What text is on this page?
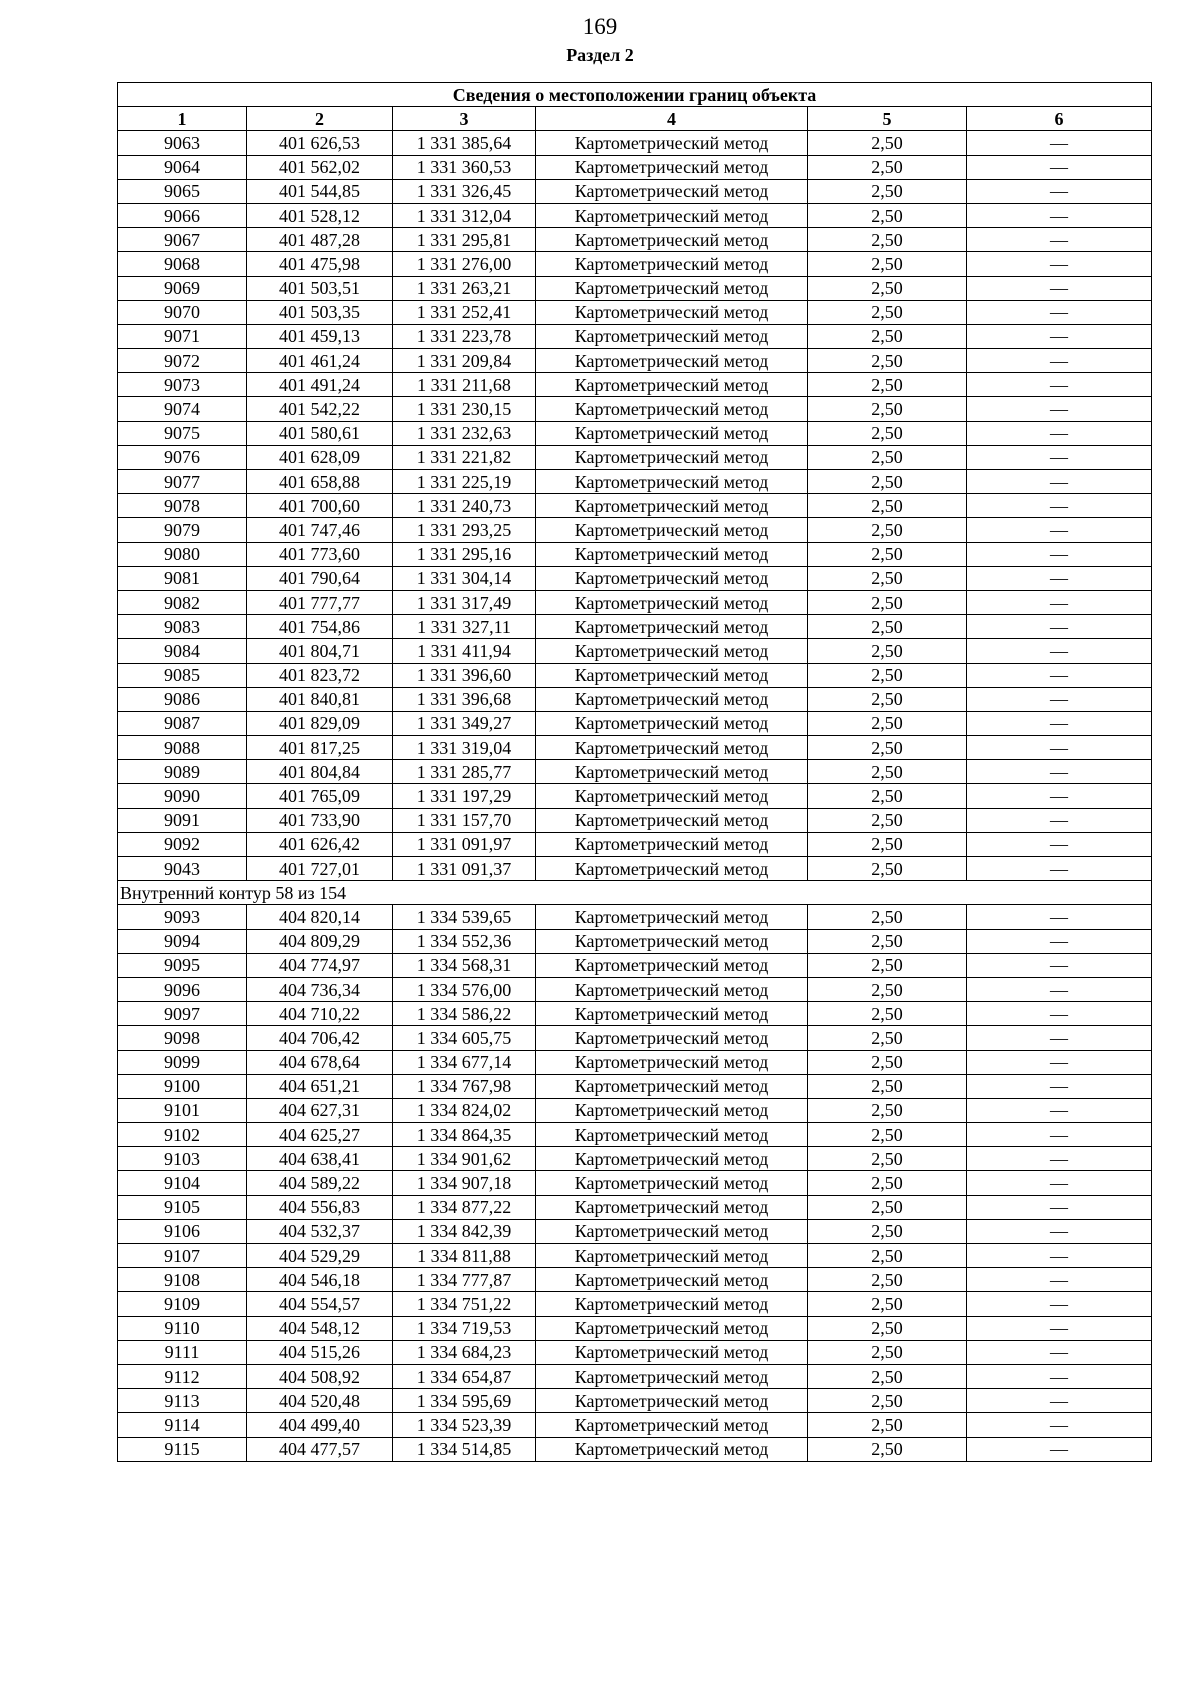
169
Раздел 2
Сведения о местоположении границ объекта					
1	2	3	4	5	6
9063	401 626,53	1 331 385,64	Картометрический метод	2,50	—
9064	401 562,02	1 331 360,53	Картометрический метод	2,50	—
9065	401 544,85	1 331 326,45	Картометрический метод	2,50	—
9066	401 528,12	1 331 312,04	Картометрический метод	2,50	—
9067	401 487,28	1 331 295,81	Картометрический метод	2,50	—
9068	401 475,98	1 331 276,00	Картометрический метод	2,50	—
9069	401 503,51	1 331 263,21	Картометрический метод	2,50	—
9070	401 503,35	1 331 252,41	Картометрический метод	2,50	—
9071	401 459,13	1 331 223,78	Картометрический метод	2,50	—
9072	401 461,24	1 331 209,84	Картометрический метод	2,50	—
9073	401 491,24	1 331 211,68	Картометрический метод	2,50	—
9074	401 542,22	1 331 230,15	Картометрический метод	2,50	—
9075	401 580,61	1 331 232,63	Картометрический метод	2,50	—
9076	401 628,09	1 331 221,82	Картометрический метод	2,50	—
9077	401 658,88	1 331 225,19	Картометрический метод	2,50	—
9078	401 700,60	1 331 240,73	Картометрический метод	2,50	—
9079	401 747,46	1 331 293,25	Картометрический метод	2,50	—
9080	401 773,60	1 331 295,16	Картометрический метод	2,50	—
9081	401 790,64	1 331 304,14	Картометрический метод	2,50	—
9082	401 777,77	1 331 317,49	Картометрический метод	2,50	—
9083	401 754,86	1 331 327,11	Картометрический метод	2,50	—
9084	401 804,71	1 331 411,94	Картометрический метод	2,50	—
9085	401 823,72	1 331 396,60	Картометрический метод	2,50	—
9086	401 840,81	1 331 396,68	Картометрический метод	2,50	—
9087	401 829,09	1 331 349,27	Картометрический метод	2,50	—
9088	401 817,25	1 331 319,04	Картометрический метод	2,50	—
9089	401 804,84	1 331 285,77	Картометрический метод	2,50	—
9090	401 765,09	1 331 197,29	Картометрический метод	2,50	—
9091	401 733,90	1 331 157,70	Картометрический метод	2,50	—
9092	401 626,42	1 331 091,97	Картометрический метод	2,50	—
9043	401 727,01	1 331 091,37	Картометрический метод	2,50	—
Внутренний контур 58 из 154					
9093	404 820,14	1 334 539,65	Картометрический метод	2,50	—
9094	404 809,29	1 334 552,36	Картометрический метод	2,50	—
9095	404 774,97	1 334 568,31	Картометрический метод	2,50	—
9096	404 736,34	1 334 576,00	Картометрический метод	2,50	—
9097	404 710,22	1 334 586,22	Картометрический метод	2,50	—
9098	404 706,42	1 334 605,75	Картометрический метод	2,50	—
9099	404 678,64	1 334 677,14	Картометрический метод	2,50	—
9100	404 651,21	1 334 767,98	Картометрический метод	2,50	—
9101	404 627,31	1 334 824,02	Картометрический метод	2,50	—
9102	404 625,27	1 334 864,35	Картометрический метод	2,50	—
9103	404 638,41	1 334 901,62	Картометрический метод	2,50	—
9104	404 589,22	1 334 907,18	Картометрический метод	2,50	—
9105	404 556,83	1 334 877,22	Картометрический метод	2,50	—
9106	404 532,37	1 334 842,39	Картометрический метод	2,50	—
9107	404 529,29	1 334 811,88	Картометрический метод	2,50	—
9108	404 546,18	1 334 777,87	Картометрический метод	2,50	—
9109	404 554,57	1 334 751,22	Картометрический метод	2,50	—
9110	404 548,12	1 334 719,53	Картометрический метод	2,50	—
9111	404 515,26	1 334 684,23	Картометрический метод	2,50	—
9112	404 508,92	1 334 654,87	Картометрический метод	2,50	—
9113	404 520,48	1 334 595,69	Картометрический метод	2,50	—
9114	404 499,40	1 334 523,39	Картометрический метод	2,50	—
9115	404 477,57	1 334 514,85	Картометрический метод	2,50	—
